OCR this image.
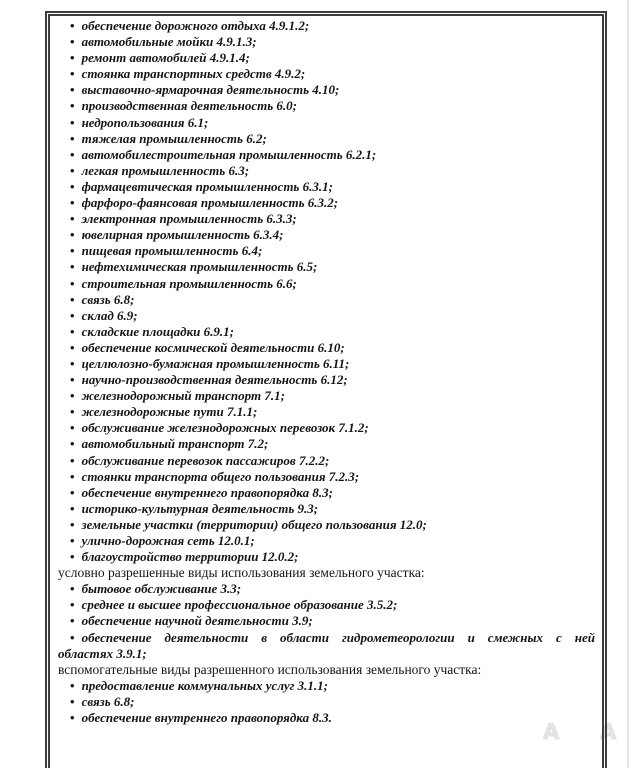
A A
• обеспечение дорожного отдыха 4.9.1.2;
• автомобильные мойки 4.9.1.3;
• ремонт автомобилей 4.9.1.4;
• стоянка транспортных средств 4.9.2;
• выставочно-ярмарочная деятельность 4.10;
• производственная деятельность 6.0;
• недропользования 6.1;
• тяжелая промышленность 6.2;
• автомобилестроительная промышленность 6.2.1;
• легкая промышленность 6.3;
• фармацевтическая промышленность 6.3.1;
• фарфоро-фаянсовая промышленность 6.3.2;
• электронная промышленность 6.3.3;
• ювелирная промышленность 6.3.4;
• пищевая промышленность 6.4;
• нефтехимическая промышленность 6.5;
• строительная промышленность 6.6;
• связь 6.8;
• склад 6.9;
• складские площадки 6.9.1;
• обеспечение космической деятельности 6.10;
• целлюлозно-бумажная промышленность 6.11;
• научно-производственная деятельность 6.12;
• железнодорожный транспорт 7.1;
• железнодорожные пути 7.1.1;
• обслуживание железнодорожных перевозок 7.1.2;
• автомобильный транспорт 7.2;
• обслуживание перевозок пассажиров 7.2.2;
• стоянки транспорта общего пользования 7.2.3;
• обеспечение внутреннего правопорядка 8.3;
• историко-культурная деятельность 9.3;
• земельные участки (территории) общего пользования 12.0;
• улично-дорожная сеть 12.0.1;
• благоустройство территории 12.0.2;
условно разрешенные виды использования земельного участка:
• бытовое обслуживание 3.3;
• среднее и высшее профессиональное образование 3.5.2;
• обеспечение научной деятельности 3.9;
• обеспечение деятельности в области гидрометеорологии и смежных с ней
областях 3.9.1;
вспомогательные виды разрешенного использования земельного участка:
• предоставление коммунальных услуг 3.1.1;
• связь 6.8;
• обеспечение внутреннего правопорядка 8.3.
